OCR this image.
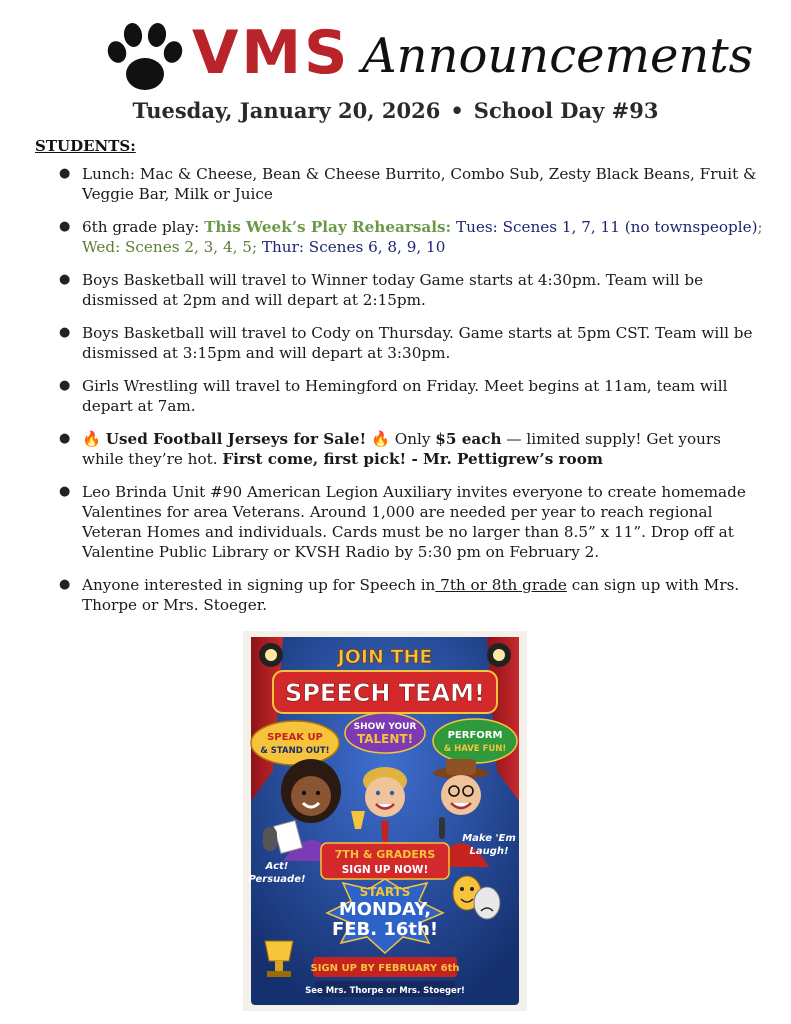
VMS Announcements
Tuesday, January 20, 2026 • School Day #93
STUDENTS:
● Lunch: Mac & Cheese, Bean & Cheese Burrito, Combo Sub, Zesty Black Beans, Fruit & Veggie Bar, Milk or Juice
● 6th grade play: This Week’s Play Rehearsals: Tues: Scenes 1, 7, 11 (no townspeople); Wed: Scenes 2, 3, 4, 5; Thur: Scenes 6, 8, 9, 10
● Boys Basketball will travel to Winner today Game starts at 4:30pm. Team will be dismissed at 2pm and will depart at 2:15pm.
● Boys Basketball will travel to Cody on Thursday. Game starts at 5pm CST. Team will be dismissed at 3:15pm and will depart at 3:30pm.
● Girls Wrestling will travel to Hemingford on Friday. Meet begins at 11am, team will depart at 7am.
● 🔥 Used Football Jerseys for Sale! 🔥 Only $5 each — limited supply! Get yours while they’re hot. First come, first pick! - Mr. Pettigrew’s room
● Leo Brinda Unit #90 American Legion Auxiliary invites everyone to create homemade Valentines for area Veterans. Around 1,000 are needed per year to reach regional Veteran Homes and individuals. Cards must be no larger than 8.5” x 11”. Drop off at Valentine Public Library or KVSH Radio by 5:30 pm on February 2.
● Anyone interested in signing up for Speech in 7th or 8th grade can sign up with Mrs. Thorpe or Mrs. Stoeger.
JOIN THE
SPEECH TEAM!
SPEAK UP
& STAND OUT!
SHOW YOUR
TALENT!	PERFORM
& HAVE FUN!
Act!
Persuade!
Make 'Em
Laugh!
7TH & GRADERS
SIGN UP NOW!
STARTS
MONDAY,
FEB. 16th!
SIGN UP BY FEBRUARY 6th
See Mrs. Thorpe or Mrs. Stoeger!
